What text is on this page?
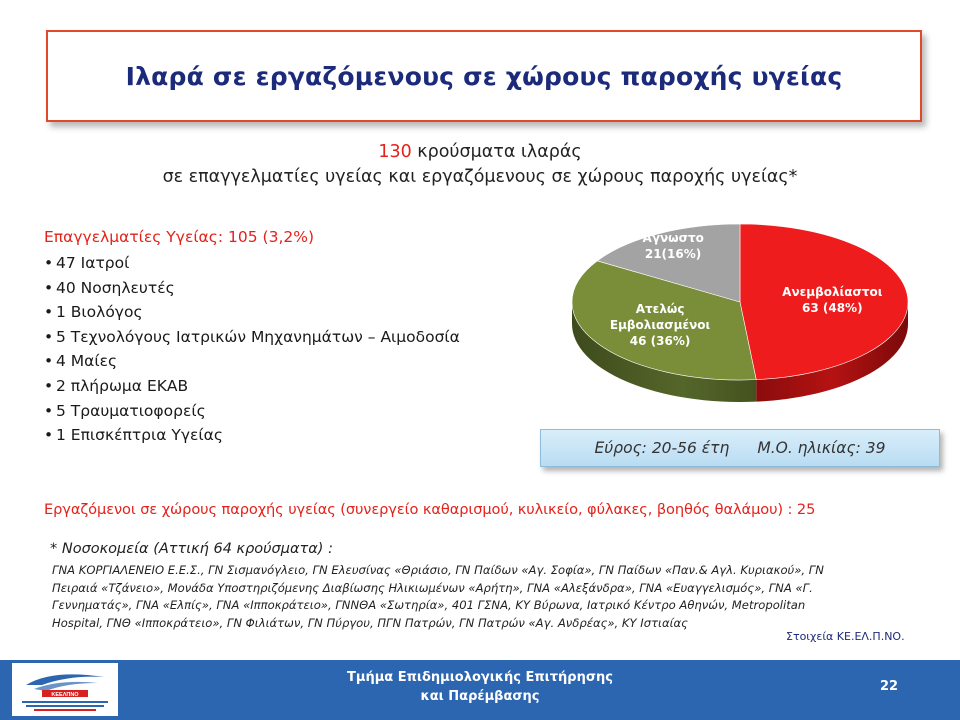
Ιλαρά σε εργαζόμενους σε χώρους παροχής υγείας
130 κρούσματα ιλαράς
σε επαγγελματίες υγείας και εργαζόμενους σε χώρους παροχής υγείας*
Επαγγελματίες Υγείας: 105 (3,2%)
• 47 Ιατροί
• 40 Νοσηλευτές
• 1 Βιολόγος
• 5 Τεχνολόγους Ιατρικών Μηχανημάτων – Αιμοδοσία
• 4 Μαίες
• 2 πλήρωμα ΕΚΑΒ
• 5 Τραυματιοφορείς
• 1 Επισκέπτρια Υγείας
Ανεμβολίαστοι
63 (48%)
Ατελώς
Εμβολιασμένοι
46 (36%)
Άγνωστο
21(16%)
Εύρος: 20-56 έτη Μ.Ο. ηλικίας: 39
Εργαζόμενοι σε χώρους παροχής υγείας (συνεργείο καθαρισμού, κυλικείο, φύλακες, βοηθός θαλάμου) : 25
* Νοσοκομεία (Αττική 64 κρούσματα) :
ΓΝΑ ΚΟΡΓΙΑΛΕΝΕΙΟ Ε.Ε.Σ., ΓΝ Σισμανόγλειο, ΓΝ Ελευσίνας «Θριάσιο, ΓΝ Παίδων «Αγ. Σοφία», ΓΝ Παίδων «Παν.& Αγλ. Κυριακού», ΓΝ
Πειραιά «Τζάνειο», Μονάδα Υποστηριζόμενης Διαβίωσης Ηλικιωμένων «Αρήτη», ΓΝΑ «Αλεξάνδρα», ΓΝΑ «Ευαγγελισμός», ΓΝΑ «Γ.
Γεννηματάς», ΓΝΑ «Ελπίς», ΓΝΑ «Ιπποκράτειο», ΓΝΝΘΑ «Σωτηρία», 401 ΓΣΝΑ, ΚΥ Βύρωνα, Ιατρικό Κέντρο Αθηνών, Metropolitan
Hospital, ΓΝΘ «Ιπποκράτειο», ΓΝ Φιλιάτων, ΓΝ Πύργου, ΠΓΝ Πατρών, ΓΝ Πατρών «Αγ. Ανδρέας», ΚΥ Ιστιαίας
Στοιχεία ΚΕ.ΕΛ.Π.ΝΟ.
ΚΕΕΛΠΝΟ
Τμήμα Επιδημιολογικής Επιτήρησης
και Παρέμβασης
22
